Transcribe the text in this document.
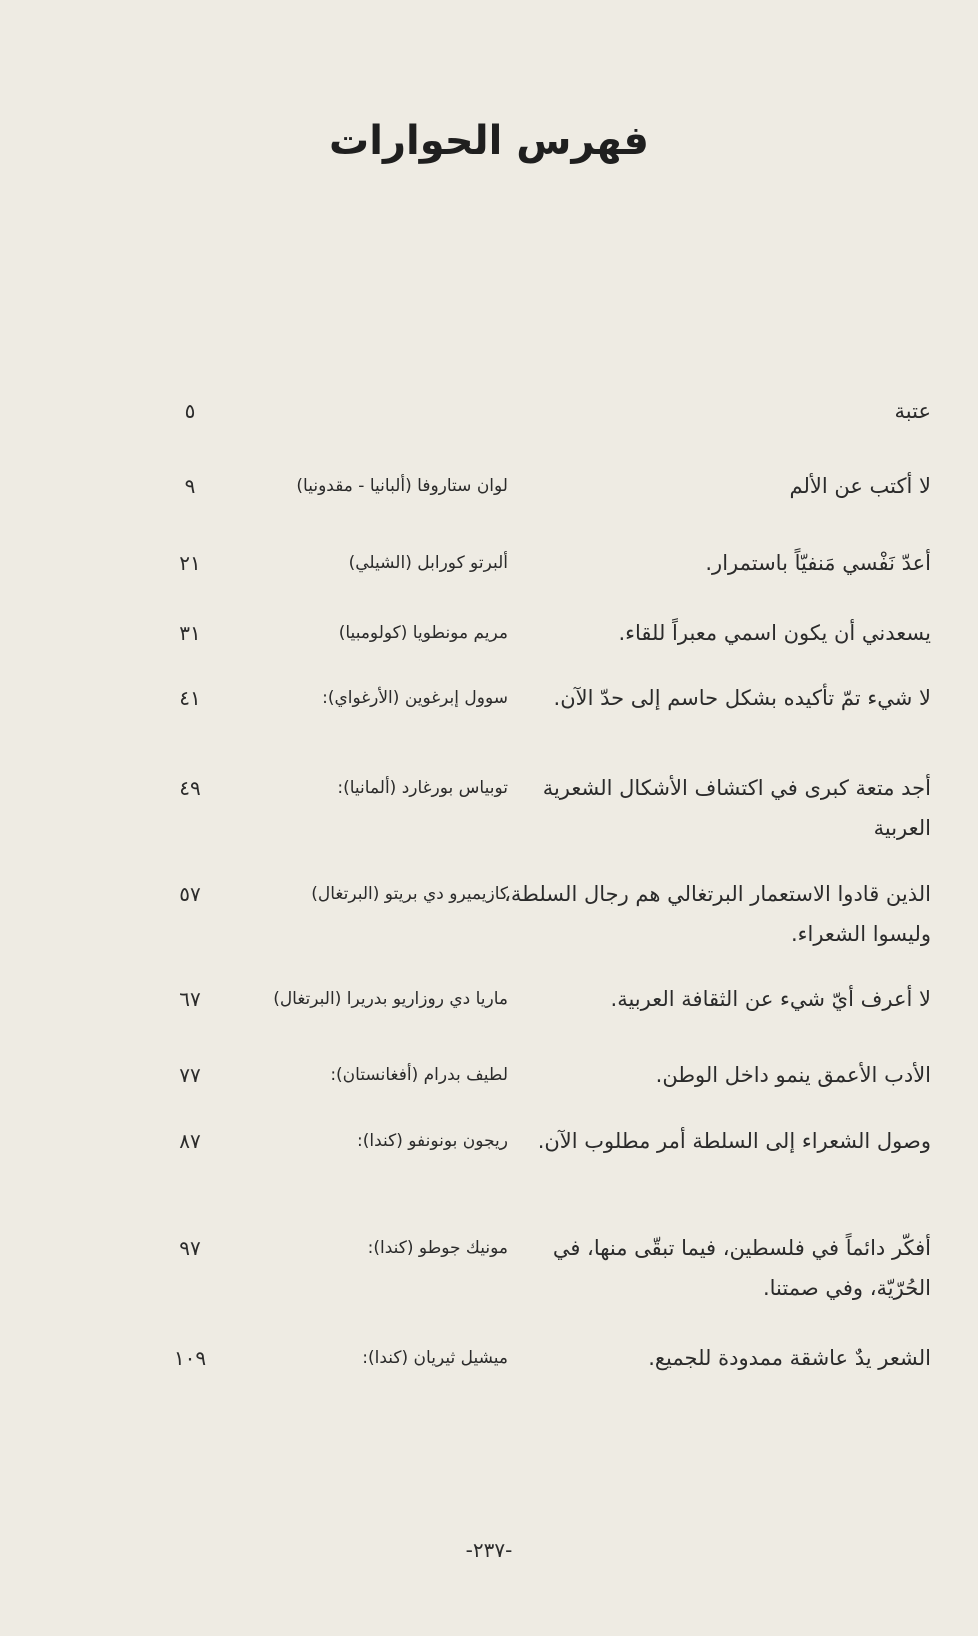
فهرس الحوارات
عتبة
٥
لا أكتب عن الألم
لوان ستاروفا (ألبانيا - مقدونيا)
٩
أعدّ نَفْسي مَنفيّاً باستمرار.
ألبرتو كورابل (الشيلي)
٢١
يسعدني أن يكون اسمي معبراً للقاء.
مريم مونطويا (كولومبيا)
٣١
لا شيء تمّ تأكيده بشكل حاسم إلى حدّ الآن.
سوول إبرغوين (الأرغواي):
٤١
أجد متعة كبرى في اكتشاف الأشكال الشعرية العربية
توبياس بورغارد (ألمانيا):
٤٩
الذين قادوا الاستعمار البرتغالي هم رجال السلطة، وليسوا الشعراء.
كازيميرو دي بريتو (البرتغال)
٥٧
لا أعرف أيّ شيء عن الثقافة العربية.
ماريا دي روزاريو بدريرا (البرتغال)
٦٧
الأدب الأعمق ينمو داخل الوطن.
لطيف بدرام (أفغانستان):
٧٧
وصول الشعراء إلى السلطة أمر مطلوب الآن.
ريجون بونونفو (كندا):
٨٧
أفكّر دائماً في فلسطين، فيما تبقّى منها، في الحُرّيّة، وفي صمتنا.
مونيك جوطو (كندا):
٩٧
الشعر يدٌ عاشقة ممدودة للجميع.
ميشيل ثيريان (كندا):
١٠٩
-٢٣٧-
